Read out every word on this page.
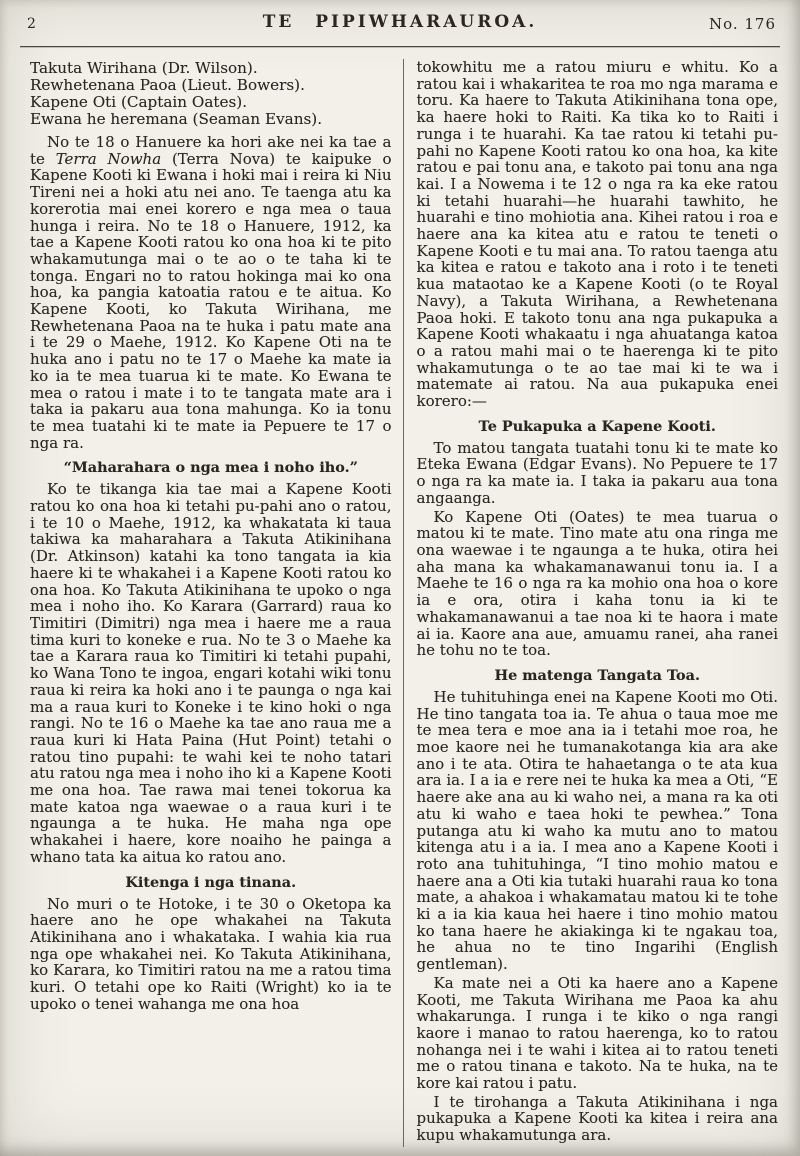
2	TE PIPIWHARAUROA.	No. 176
Takuta Wirihana (Dr. Wilson).
Rewhetenana Paoa (Lieut. Bowers).
Kapene Oti (Captain Oates).
Ewana he heremana (Seaman Evans).

No te 18 o Hanuere ka hori ake nei ka tae a te Terra Nowha (Terra Nova) te kaipuke o Kapene Kooti ki Ewana i hoki mai i reira ki Niu Tireni nei a hoki atu nei ano. Te taenga atu ka korerotia mai enei korero e nga mea o taua hunga i reira. No te 18 o Hanuere, 1912, ka tae a Kapene Kooti ratou ko ona hoa ki te pito whakamutunga mai o te ao o te taha ki te tonga. Engari no to ratou hokinga mai ko ona hoa, ka pangia katoatia ratou e te aitua. Ko Kapene Kooti, ko Takuta Wirihana, me Rewhetenana Paoa na te huka i patu mate ana i te 29 o Maehe, 1912. Ko Kapene Oti na te huka ano i patu no te 17 o Maehe ka mate ia ko ia te mea tuarua ki te mate. Ko Ewana te mea o ratou i mate i to te tangata mate ara i taka ia pakaru aua tona mahunga. Ko ia tonu te mea tuatahi ki te mate ia Pepuere te 17 o nga ra.

“Maharahara o nga mea i noho iho.”

Ko te tikanga kia tae mai a Kapene Kooti ratou ko ona hoa ki tetahi pu-pahi ano o ratou, i te 10 o Maehe, 1912, ka whakatata ki taua takiwa ka maharahara a Takuta Atikinihana (Dr. Atkinson) katahi ka tono tangata ia kia haere ki te whakahei i a Kapene Kooti ratou ko ona hoa. Ko Takuta Atikinihana te upoko o nga mea i noho iho. Ko Karara (Garrard) raua ko Timitiri (Dimitri) nga mea i haere me a raua tima kuri to koneke e rua. No te 3 o Maehe ka tae a Karara raua ko Timitiri ki tetahi pupahi, ko Wana Tono te ingoa, engari kotahi wiki tonu raua ki reira ka hoki ano i te paunga o nga kai ma a raua kuri to Koneke i te kino hoki o nga rangi. No te 16 o Maehe ka tae ano raua me a raua kuri ki Hata Paina (Hut Point) tetahi o ratou tino pupahi: te wahi kei te noho tatari atu ratou nga mea i noho iho ki a Kapene Kooti me ona hoa. Tae rawa mai tenei tokorua ka mate katoa nga waewae o a raua kuri i te ngaunga a te huka. He maha nga ope whakahei i haere, kore noaiho he painga a whano tata ka aitua ko ratou ano.

Kitenga i nga tinana.

No muri o te Hotoke, i te 30 o Oketopa ka haere ano he ope whakahei na Takuta Atikinihana ano i whakataka. I wahia kia rua nga ope whakahei nei. Ko Takuta Atikinihana, ko Karara, ko Timitiri ratou na me a ratou tima kuri. O tetahi ope ko Raiti (Wright) ko ia te upoko o tenei wahanga me ona hoa

tokowhitu me a ratou miuru e whitu. Ko a ratou kai i whakaritea te roa mo nga marama e toru. Ka haere to Takuta Atikinihana tona ope, ka haere hoki to Raiti. Ka tika ko to Raiti i runga i te huarahi. Ka tae ratou ki tetahi pu-pahi no Kapene Kooti ratou ko ona hoa, ka kite ratou e pai tonu ana, e takoto pai tonu ana nga kai. I a Nowema i te 12 o nga ra ka eke ratou ki tetahi huarahi—he huarahi tawhito, he huarahi e tino mohiotia ana. Kihei ratou i roa e haere ana ka kitea atu e ratou te teneti o Kapene Kooti e tu mai ana. To ratou taenga atu ka kitea e ratou e takoto ana i roto i te teneti kua mataotao ke a Kapene Kooti (o te Royal Navy), a Takuta Wirihana, a Rewhetenana Paoa hoki. E takoto tonu ana nga pukapuka a Kapene Kooti whakaatu i nga ahuatanga katoa o a ratou mahi mai o te haerenga ki te pito whakamutunga o te ao tae mai ki te wa i matemate ai ratou. Na aua pukapuka enei korero:—

Te Pukapuka a Kapene Kooti.

To matou tangata tuatahi tonu ki te mate ko Eteka Ewana (Edgar Evans). No Pepuere te 17 o nga ra ka mate ia. I taka ia pakaru aua tona angaanga.

Ko Kapene Oti (Oates) te mea tuarua o matou ki te mate. Tino mate atu ona ringa me ona waewae i te ngaunga a te huka, otira hei aha mana ka whakamanawanui tonu ia. I a Maehe te 16 o nga ra ka mohio ona hoa o kore ia e ora, otira i kaha tonu ia ki te whakamanawanui a tae noa ki te haora i mate ai ia. Kaore ana aue, amuamu ranei, aha ranei he tohu no te toa.

He matenga Tangata Toa.

He tuhituhinga enei na Kapene Kooti mo Oti. He tino tangata toa ia. Te ahua o taua moe me te mea tera e moe ana ia i tetahi moe roa, he moe kaore nei he tumanakotanga kia ara ake ano i te ata. Otira te hahaetanga o te ata kua ara ia. I a ia e rere nei te huka ka mea a Oti, “E haere ake ana au ki waho nei, a mana ra ka oti atu ki waho e taea hoki te pewhea.” Tona putanga atu ki waho ka mutu ano to matou kitenga atu i a ia. I mea ano a Kapene Kooti i roto ana tuhituhinga, “I tino mohio matou e haere ana a Oti kia tutaki huarahi raua ko tona mate, a ahakoa i whakamatau matou ki te tohe ki a ia kia kaua hei haere i tino mohio matou ko tana haere he akiakinga ki te ngakau toa, he ahua no te tino Ingarihi (English gentleman).

Ka mate nei a Oti ka haere ano a Kapene Kooti, me Takuta Wirihana me Paoa ka ahu whakarunga. I runga i te kiko o nga rangi kaore i manao to ratou haerenga, ko to ratou nohanga nei i te wahi i kitea ai to ratou teneti me o ratou tinana e takoto. Na te huka, na te kore kai ratou i patu.

I te tirohanga a Takuta Atikinihana i nga pukapuka a Kapene Kooti ka kitea i reira ana kupu whakamutunga ara.
